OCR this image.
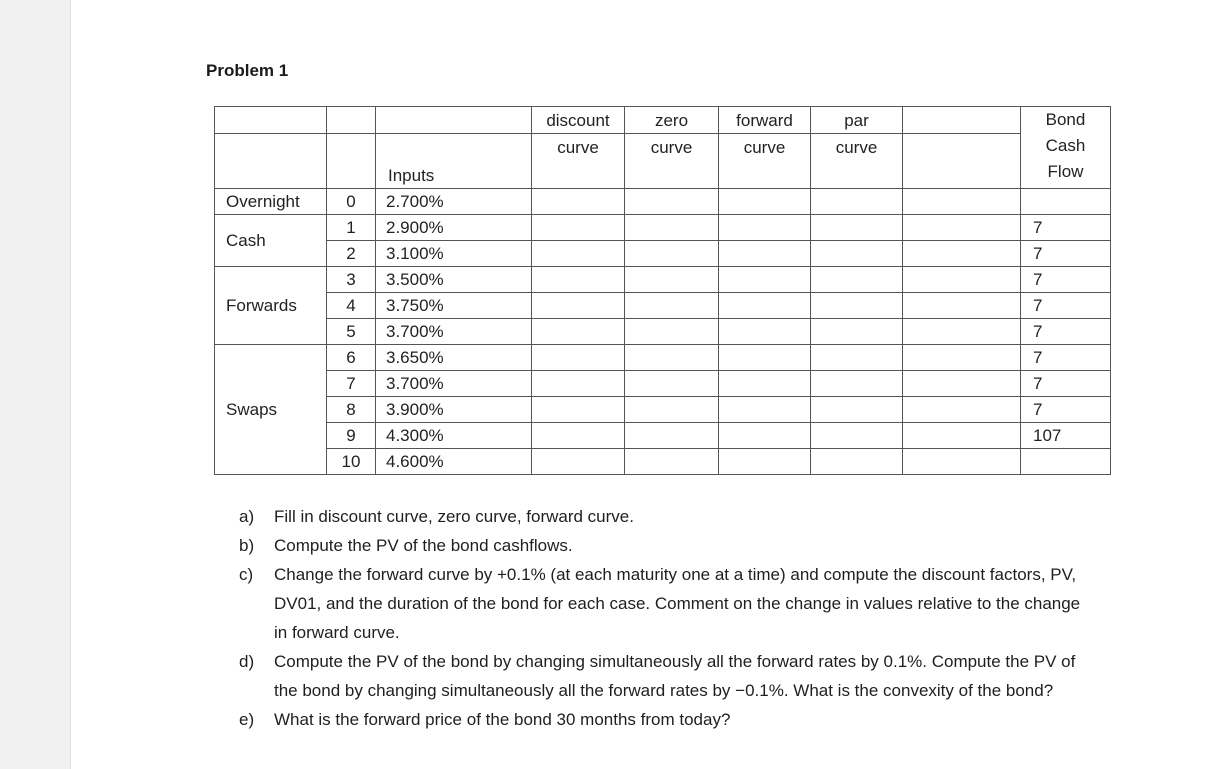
Problem 1
			discount	zero	forward	par		Bond
Cash
Flow

		Inputs	curve	curve	curve	curve		
Overnight	0	2.700%						
Cash	1	2.900%						7
	2	3.100%						7
Forwards	3	3.500%						7
	4	3.750%						7
	5	3.700%						7
Swaps	6	3.650%						7
	7	3.700%						7
	8	3.900%						7
	9	4.300%						107
	10	4.600%						
a) Fill in discount curve, zero curve, forward curve.
b) Compute the PV of the bond cashflows.
c) Change the forward curve by +0.1% (at each maturity one at a time) and compute the discount factors, PV, DV01, and the duration of the bond for each case. Comment on the change in values relative to the change in forward curve.
d) Compute the PV of the bond by changing simultaneously all the forward rates by 0.1%. Compute the PV of the bond by changing simultaneously all the forward rates by −0.1%. What is the convexity of the bond?
e) What is the forward price of the bond 30 months from today?
